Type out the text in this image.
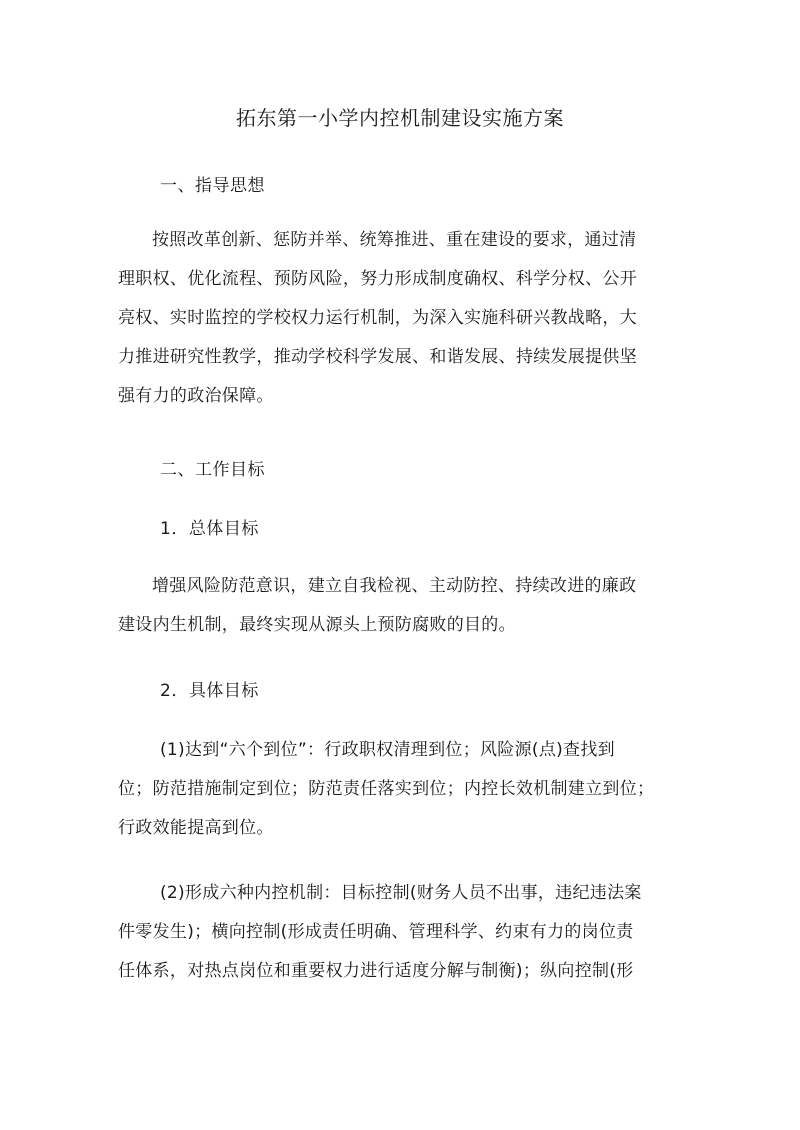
拓东第一小学内控机制建设实施方案

一、指导思想

按照改革创新、惩防并举、统筹推进、重在建设的要求，通过清
理职权、优化流程、预防风险，努力形成制度确权、科学分权、公开
亮权、实时监控的学校权力运行机制，为深入实施科研兴教战略，大
力推进研究性教学，推动学校科学发展、和谐发展、持续发展提供坚
强有力的政治保障。

二、工作目标

1．总体目标

增强风险防范意识，建立自我检视、主动防控、持续改进的廉政
建设内生机制，最终实现从源头上预防腐败的目的。

2．具体目标

(1)达到“六个到位”：行政职权清理到位；风险源(点)查找到
位；防范措施制定到位；防范责任落实到位；内控长效机制建立到位；
行政效能提高到位。
(2)形成六种内控机制：目标控制(财务人员不出事，违纪违法案
件零发生)；横向控制(形成责任明确、管理科学、约束有力的岗位责
任体系，对热点岗位和重要权力进行适度分解与制衡)；纵向控制(形
